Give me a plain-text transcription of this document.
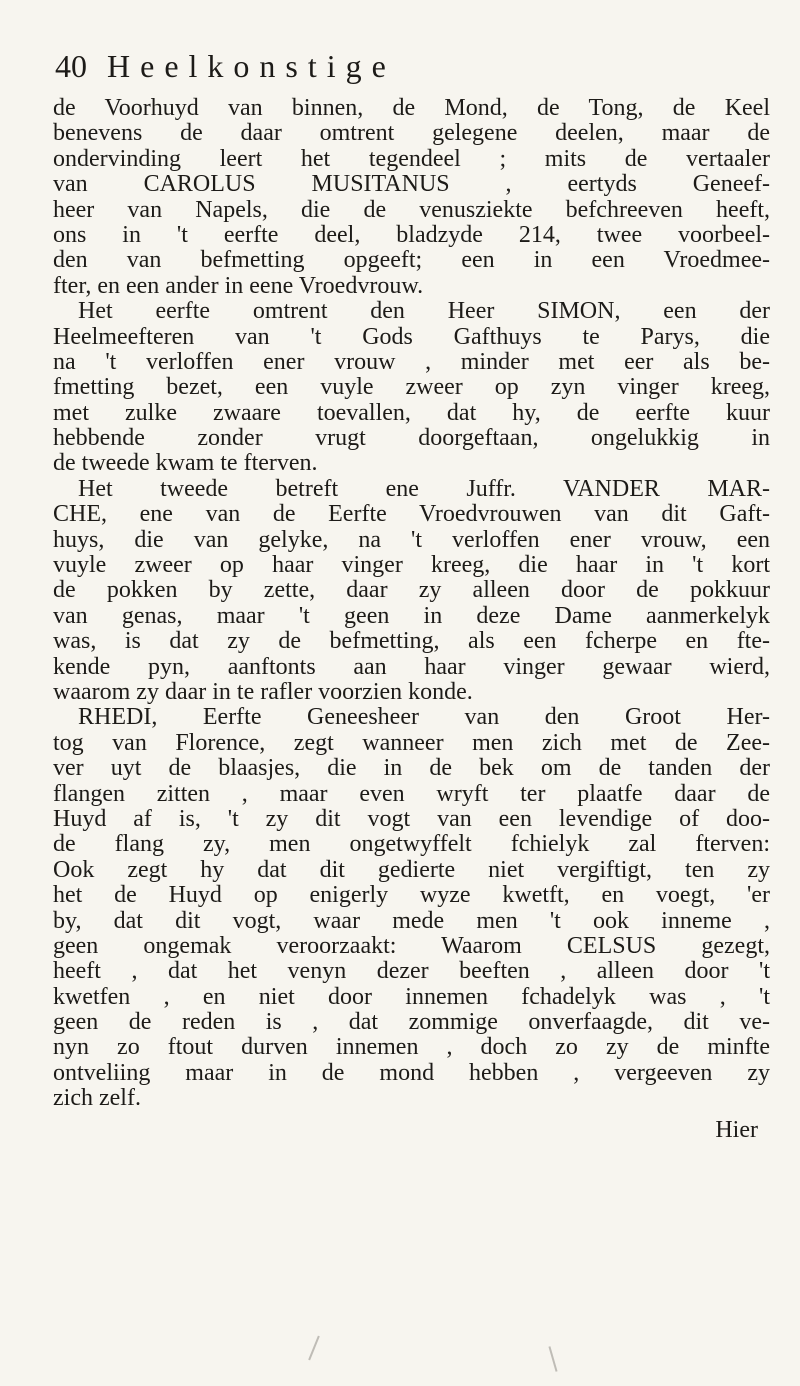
40 Heelkonstige
de Voorhuyd van binnen, de Mond, de Tong, de Keel
benevens de daar omtrent gelegene deelen, maar de
ondervinding leert het tegendeel ; mits de vertaaler
van CAROLUS MUSITANUS , eertyds Geneef-
heer van Napels, die de venusziekte befchreeven heeft,
ons in 't eerfte deel, bladzyde 214, twee voorbeel-
den van befmetting opgeeft; een in een Vroedmee-
fter, en een ander in eene Vroedvrouw.
Het eerfte omtrent den Heer SIMON, een der
Heelmeefteren van 't Gods Gafthuys te Parys, die
na 't verloffen ener vrouw , minder met eer als be-
fmetting bezet, een vuyle zweer op zyn vinger kreeg,
met zulke zwaare toevallen, dat hy, de eerfte kuur
hebbende zonder vrugt doorgeftaan, ongelukkig in
de tweede kwam te fterven.
Het tweede betreft ene Juffr. VANDER MAR-
CHE, ene van de Eerfte Vroedvrouwen van dit Gaft-
huys, die van gelyke, na 't verloffen ener vrouw, een
vuyle zweer op haar vinger kreeg, die haar in 't kort
de pokken by zette, daar zy alleen door de pokkuur
van genas, maar 't geen in deze Dame aanmerkelyk
was, is dat zy de befmetting, als een fcherpe en fte-
kende pyn, aanftonts aan haar vinger gewaar wierd,
waarom zy daar in te rafler voorzien konde.
RHEDI, Eerfte Geneesheer van den Groot Her-
tog van Florence, zegt wanneer men zich met de Zee-
ver uyt de blaasjes, die in de bek om de tanden der
flangen zitten , maar even wryft ter plaatfe daar de
Huyd af is, 't zy dit vogt van een levendige of doo-
de flang zy, men ongetwyffelt fchielyk zal fterven:
Ook zegt hy dat dit gedierte niet vergiftigt, ten zy
het de Huyd op enigerly wyze kwetft, en voegt, 'er
by, dat dit vogt, waar mede men 't ook inneme ,
geen ongemak veroorzaakt: Waarom CELSUS gezegt,
heeft , dat het venyn dezer beeften , alleen door 't
kwetfen , en niet door innemen fchadelyk was , 't
geen de reden is , dat zommige onverfaagde, dit ve-
nyn zo ftout durven innemen , doch zo zy de minfte
ontveliing maar in de mond hebben , vergeeven zy
zich zelf.
Hier
